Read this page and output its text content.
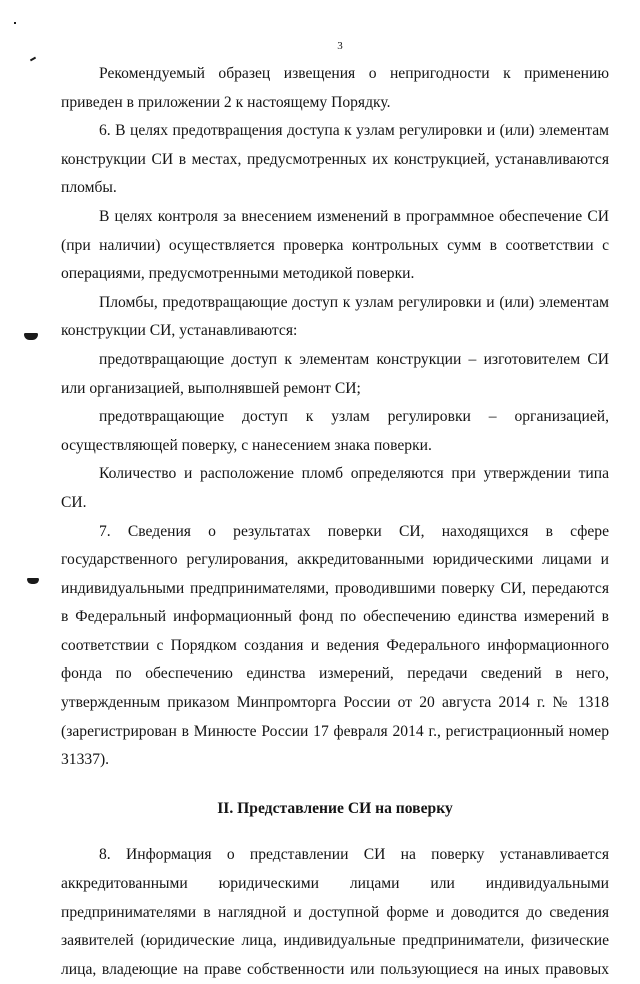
3

Рекомендуемый образец извещения о непригодности к применению приведен в приложении 2 к настоящему Порядку.

6. В целях предотвращения доступа к узлам регулировки и (или) элементам конструкции СИ в местах, предусмотренных их конструкцией, устанавливаются пломбы.

В целях контроля за внесением изменений в программное обеспечение СИ (при наличии) осуществляется проверка контрольных сумм в соответствии с операциями, предусмотренными методикой поверки.

Пломбы, предотвращающие доступ к узлам регулировки и (или) элементам конструкции СИ, устанавливаются:

предотвращающие доступ к элементам конструкции – изготовителем СИ или организацией, выполнявшей ремонт СИ;

предотвращающие доступ к узлам регулировки – организацией, осуществляющей поверку, с нанесением знака поверки.

Количество и расположение пломб определяются при утверждении типа СИ.

7. Сведения о результатах поверки СИ, находящихся в сфере государственного регулирования, аккредитованными юридическими лицами и индивидуальными предпринимателями, проводившими поверку СИ, передаются в Федеральный информационный фонд по обеспечению единства измерений в соответствии с Порядком создания и ведения Федерального информационного фонда по обеспечению единства измерений, передачи сведений в него, утвержденным приказом Минпромторга России от 20 августа 2014 г. № 1318 (зарегистрирован в Минюсте России 17 февраля 2014 г., регистрационный номер 31337).

II. Представление СИ на поверку

8. Информация о представлении СИ на поверку устанавливается аккредитованными юридическими лицами или индивидуальными предпринимателями в наглядной и доступной форме и доводится до сведения заявителей (юридические лица, индивидуальные предприниматели, физические лица, владеющие на праве собственности или пользующиеся на иных правовых
